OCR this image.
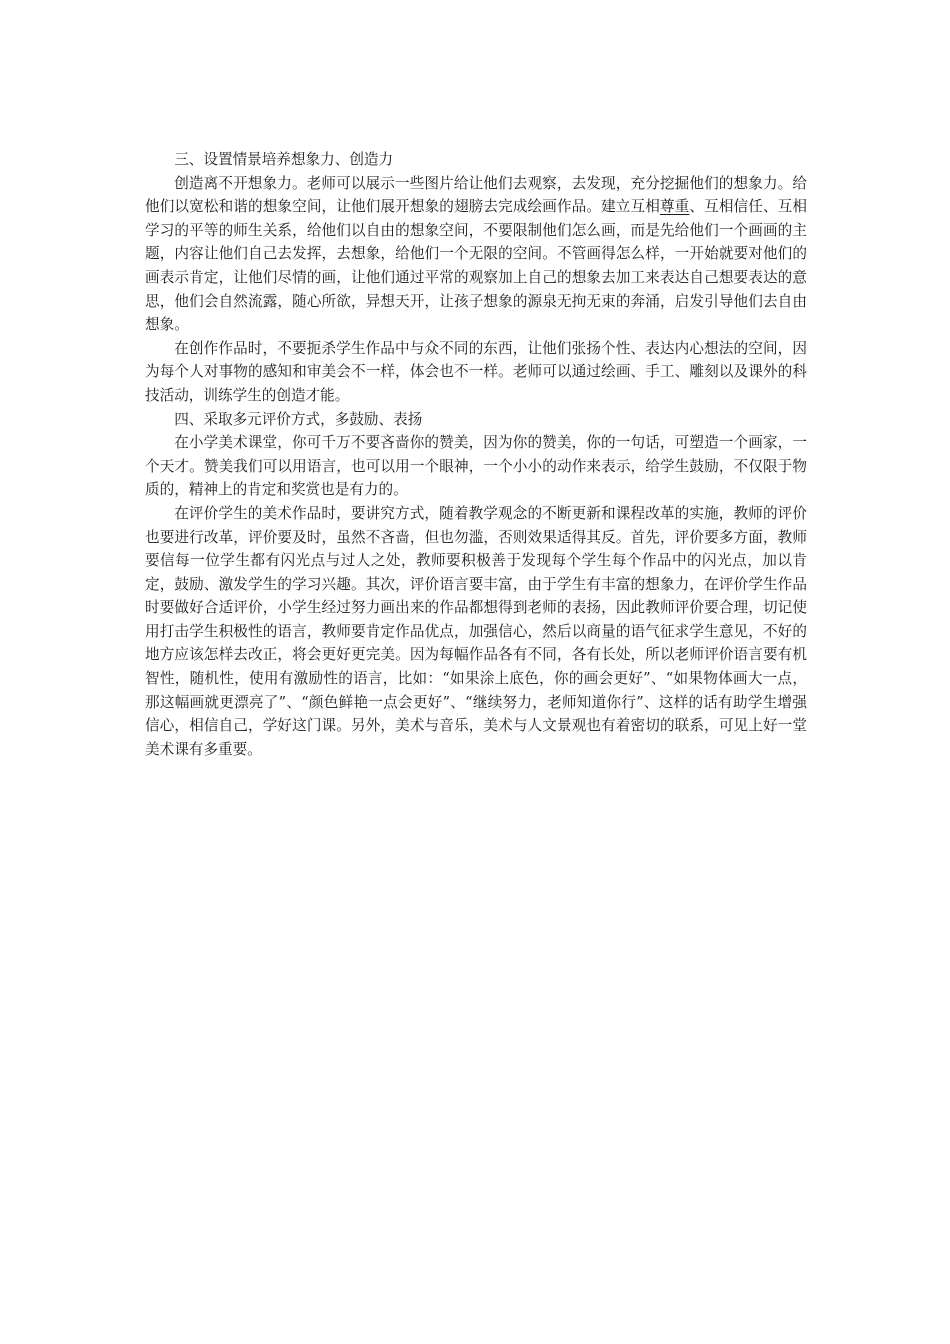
三、设置情景培养想象力、创造力

创造离不开想象力。老师可以展示一些图片给让他们去观察，去发现，充分挖掘他们的想象力。给他们以宽松和谐的想象空间，让他们展开想象的翅膀去完成绘画作品。建立互相尊重、互相信任、互相学习的平等的师生关系，给他们以自由的想象空间，不要限制他们怎么画，而是先给他们一个画画的主题，内容让他们自己去发挥，去想象，给他们一个无限的空间。不管画得怎么样，一开始就要对他们的画表示肯定，让他们尽情的画，让他们通过平常的观察加上自己的想象去加工来表达自己想要表达的意思，他们会自然流露，随心所欲，异想天开，让孩子想象的源泉无拘无束的奔涌，启发引导他们去自由想象。

在创作作品时，不要扼杀学生作品中与众不同的东西，让他们张扬个性、表达内心想法的空间，因为每个人对事物的感知和审美会不一样，体会也不一样。老师可以通过绘画、手工、雕刻以及课外的科技活动，训练学生的创造才能。

四、采取多元评价方式，多鼓励、表扬

在小学美术课堂，你可千万不要吝啬你的赞美，因为你的赞美，你的一句话，可塑造一个画家，一个天才。赞美我们可以用语言，也可以用一个眼神，一个小小的动作来表示，给学生鼓励，不仅限于物质的，精神上的肯定和奖赏也是有力的。

在评价学生的美术作品时，要讲究方式，随着教学观念的不断更新和课程改革的实施，教师的评价也要进行改革，评价要及时，虽然不吝啬，但也勿滥，否则效果适得其反。首先，评价要多方面，教师要信每一位学生都有闪光点与过人之处，教师要积极善于发现每个学生每个作品中的闪光点，加以肯定，鼓励、激发学生的学习兴趣。其次，评价语言要丰富，由于学生有丰富的想象力，在评价学生作品时要做好合适评价，小学生经过努力画出来的作品都想得到老师的表扬，因此教师评价要合理，切记使用打击学生积极性的语言，教师要肯定作品优点，加强信心，然后以商量的语气征求学生意见，不好的地方应该怎样去改正，将会更好更完美。因为每幅作品各有不同，各有长处，所以老师评价语言要有机智性，随机性，使用有激励性的语言，比如：“如果涂上底色，你的画会更好”、“如果物体画大一点，那这幅画就更漂亮了”、“颜色鲜艳一点会更好”、“继续努力，老师知道你行”、这样的话有助学生增强信心，相信自己，学好这门课。另外，美术与音乐，美术与人文景观也有着密切的联系，可见上好一堂美术课有多重要。
